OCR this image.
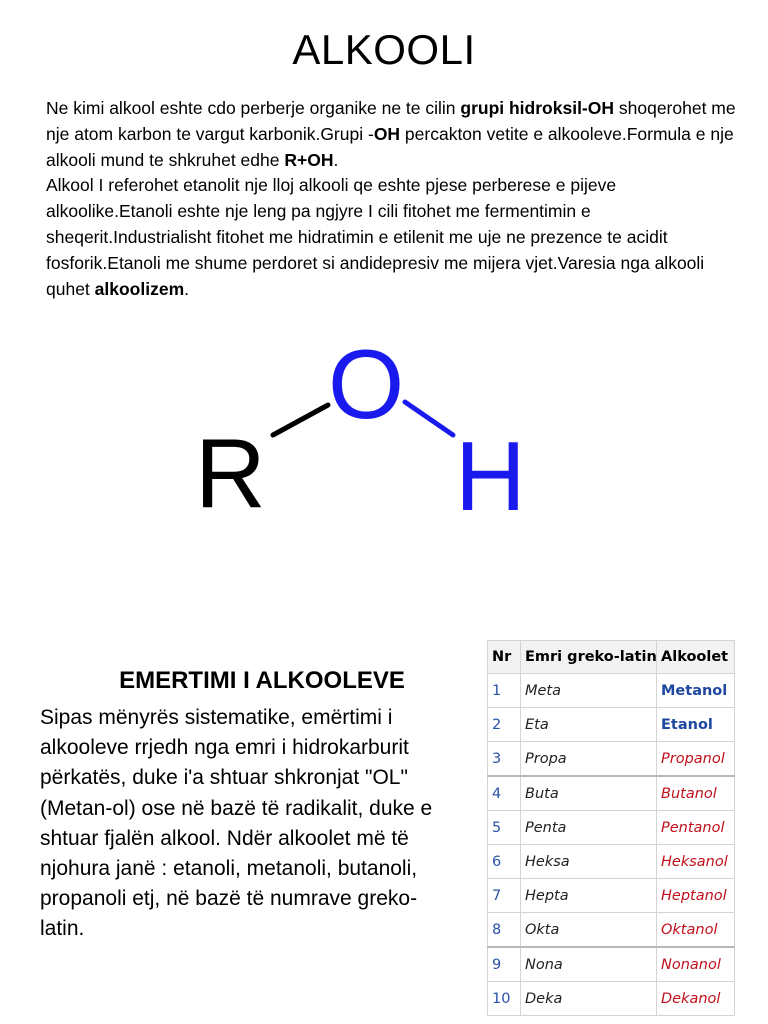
ALKOOLI
Ne kimi alkool eshte cdo perberje organike ne te cilin grupi hidroksil-OH shoqerohet me nje atom karbon te vargut karbonik.Grupi -OH percakton vetite e alkooleve.Formula e nje alkooli mund te shkruhet edhe R+OH.
Alkool I referohet etanolit nje lloj alkooli qe eshte pjese perberese e pijeve alkoolike.Etanoli eshte nje leng pa ngjyre I cili fitohet me fermentimin e sheqerit.Industrialisht fitohet me hidratimin e etilenit me uje ne prezence te acidit fosforik.Etanoli me shume perdoret si andidepresiv me mijera vjet.Varesia nga alkooli quhet alkoolizem.
R
O
H
EMERTIMI I ALKOOLEVE
Sipas mënyrës sistematike, emërtimi i alkooleve rrjedh nga emri i hidrokarburit përkatës, duke i'a shtuar shkronjat "OL" (Metan-ol) ose në bazë të radikalit, duke e shtuar fjalën alkool. Ndër alkoolet më të njohura janë : etanoli, metanoli, butanoli, propanoli etj, në bazë të numrave greko-latin.
Nr	Emri greko-latin	Alkoolet
1	Meta	Metanol
2	Eta	Etanol
3	Propa	Propanol
4	Buta	Butanol
5	Penta	Pentanol
6	Heksa	Heksanol
7	Hepta	Heptanol
8	Okta	Oktanol
9	Nona	Nonanol
10	Deka	Dekanol
